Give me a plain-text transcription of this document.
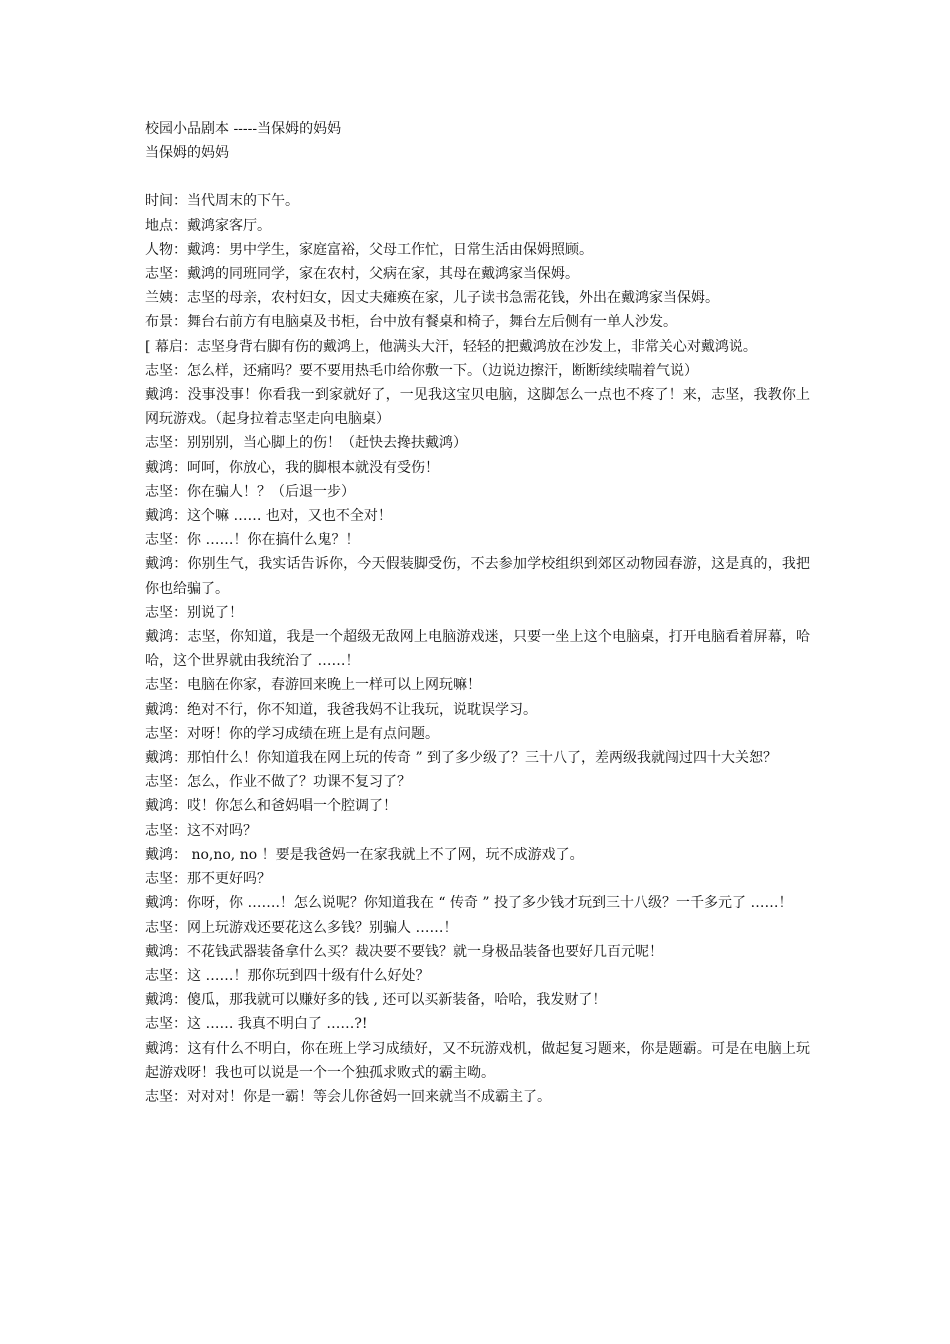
校园小品剧本 -----当保姆的妈妈

当保姆的妈妈

时间：当代周末的下午。

地点：戴鸿家客厅。

人物：戴鸿：男中学生，家庭富裕，父母工作忙，日常生活由保姆照顾。

志坚：戴鸿的同班同学，家在农村，父病在家，其母在戴鸿家当保姆。

兰姨：志坚的母亲，农村妇女，因丈夫瘫痪在家，儿子读书急需花钱，外出在戴鸿家当保姆。

布景：舞台右前方有电脑桌及书柜，台中放有餐桌和椅子，舞台左后侧有一单人沙发。

[ 幕启：志坚身背右脚有伤的戴鸿上，他满头大汗，轻轻的把戴鸿放在沙发上，非常关心对戴鸿说。

志坚：怎么样，还痛吗？要不要用热毛巾给你敷一下。（边说边擦汗，断断续续喘着气说）

戴鸿：没事没事！你看我一到家就好了，一见我这宝贝电脑，这脚怎么一点也不疼了！来，志坚，我教你上网玩游戏。（起身拉着志坚走向电脑桌）

志坚：别别别，当心脚上的伤！（赶快去搀扶戴鸿）

戴鸿：呵呵，你放心，我的脚根本就没有受伤！

志坚：你在骗人！？（后退一步）

戴鸿：这个嘛 …… 也对，又也不全对！

志坚：你 ……！你在搞什么鬼？！

戴鸿：你别生气，我实话告诉你，今天假装脚受伤，不去参加学校组织到郊区动物园春游，这是真的，我把你也给骗了。

志坚：别说了！

戴鸿：志坚，你知道，我是一个超级无敌网上电脑游戏迷，只要一坐上这个电脑桌，打开电脑看着屏幕，哈哈，这个世界就由我统治了 ……！

志坚：电脑在你家，春游回来晚上一样可以上网玩嘛！

戴鸿：绝对不行，你不知道，我爸我妈不让我玩，说耽误学习。

志坚：对呀！你的学习成绩在班上是有点问题。

戴鸿：那怕什么！你知道我在网上玩的传奇 ” 到了多少级了？三十八了，差两级我就闯过四十大关恕？

志坚：怎么，作业不做了？功课不复习了？

戴鸿：哎！你怎么和爸妈唱一个腔调了！

志坚：这不对吗？

戴鸿： no,no, no ！要是我爸妈一在家我就上不了网，玩不成游戏了。

志坚：那不更好吗？

戴鸿：你呀，你 …….！怎么说呢？你知道我在 “ 传奇 ” 投了多少钱才玩到三十八级？一千多元了 ……！

志坚：网上玩游戏还要花这么多钱？别骗人 ……！

戴鸿：不花钱武器装备拿什么买？裁决要不要钱？就一身极品装备也要好几百元呢！

志坚：这 ……！那你玩到四十级有什么好处？

戴鸿：傻瓜，那我就可以赚好多的钱 , 还可以买新装备，哈哈，我发财了！

志坚：这 …… 我真不明白了 ……?!

戴鸿：这有什么不明白，你在班上学习成绩好，又不玩游戏机，做起复习题来，你是题霸。可是在电脑上玩起游戏呀！我也可以说是一个一个独孤求败式的霸主呦。

志坚：对对对！你是一霸！等会儿你爸妈一回来就当不成霸主了。
